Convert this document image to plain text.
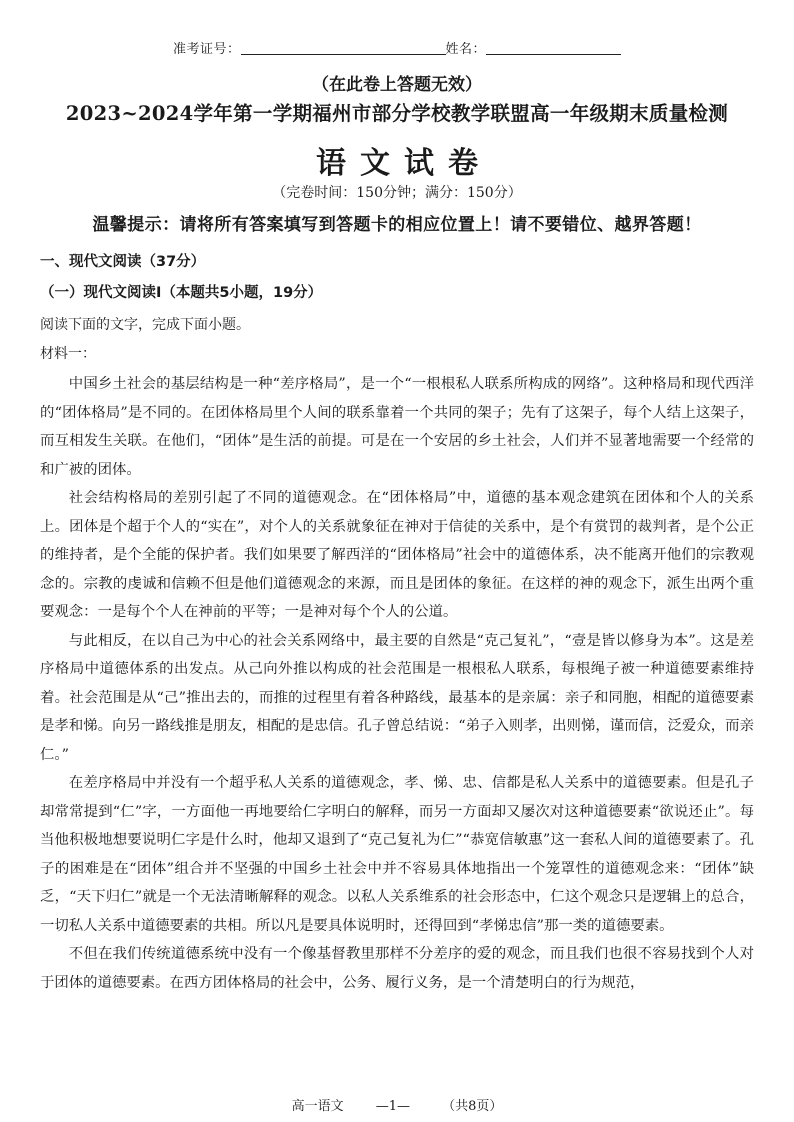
准考证号：	姓名：
（在此卷上答题无效）
2023~2024学年第一学期福州市部分学校教学联盟高一年级期末质量检测
语文试卷
（完卷时间：150分钟；满分：150分）
温馨提示：请将所有答案填写到答题卡的相应位置上！请不要错位、越界答题！
一、现代文阅读（37分）
（一）现代文阅读Ⅰ（本题共5小题，19分）
阅读下面的文字，完成下面小题。
材料一：

中国乡土社会的基层结构是一种“差序格局”，是一个“一根根私人联系所构成的网络”。这种格局和现代西洋的“团体格局”是不同的。在团体格局里个人间的联系靠着一个共同的架子；先有了这架子，每个人结上这架子，而互相发生关联。在他们，“团体”是生活的前提。可是在一个安居的乡土社会，人们并不显著地需要一个经常的和广被的团体。

社会结构格局的差别引起了不同的道德观念。在“团体格局”中，道德的基本观念建筑在团体和个人的关系上。团体是个超于个人的“实在”，对个人的关系就象征在神对于信徒的关系中，是个有赏罚的裁判者，是个公正的维持者，是个全能的保护者。我们如果要了解西洋的“团体格局”社会中的道德体系，决不能离开他们的宗教观念的。宗教的虔诚和信赖不但是他们道德观念的来源，而且是团体的象征。在这样的神的观念下，派生出两个重要观念：一是每个个人在神前的平等；一是神对每个个人的公道。

与此相反，在以自己为中心的社会关系网络中，最主要的自然是“克己复礼”，“壹是皆以修身为本”。这是差序格局中道德体系的出发点。从己向外推以构成的社会范围是一根根私人联系，每根绳子被一种道德要素维持着。社会范围是从“己”推出去的，而推的过程里有着各种路线，最基本的是亲属：亲子和同胞，相配的道德要素是孝和悌。向另一路线推是朋友，相配的是忠信。孔子曾总结说：“弟子入则孝，出则悌，谨而信，泛爱众，而亲仁。”

在差序格局中并没有一个超乎私人关系的道德观念，孝、悌、忠、信都是私人关系中的道德要素。但是孔子却常常提到“仁”字，一方面他一再地要给仁字明白的解释，而另一方面却又屡次对这种道德要素“欲说还止”。每当他积极地想要说明仁字是什么时，他却又退到了“克己复礼为仁”“恭宽信敏惠”这一套私人间的道德要素了。孔子的困难是在“团体”组合并不坚强的中国乡土社会中并不容易具体地指出一个笼罩性的道德观念来：“团体”缺乏，“天下归仁”就是一个无法清晰解释的观念。以私人关系维系的社会形态中，仁这个观念只是逻辑上的总合，一切私人关系中道德要素的共相。所以凡是要具体说明时，还得回到“孝悌忠信”那一类的道德要素。

不但在我们传统道德系统中没有一个像基督教里那样不分差序的爱的观念，而且我们也很不容易找到个人对于团体的道德要素。在西方团体格局的社会中，公务、履行义务，是一个清楚明白的行为规范，

高一语文 —1— （共8页）
